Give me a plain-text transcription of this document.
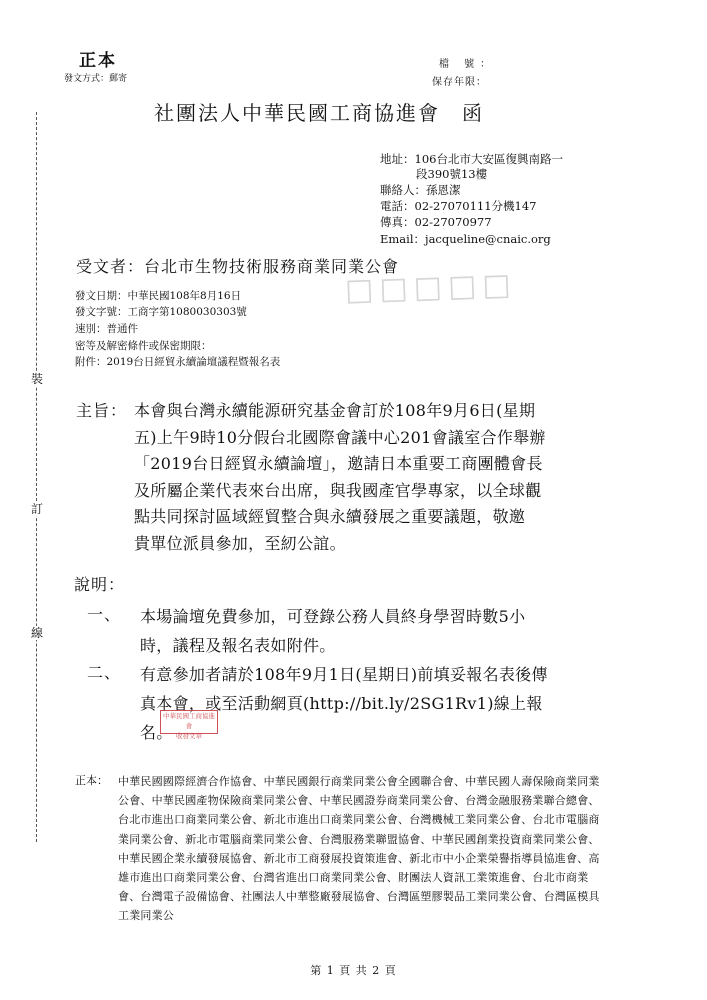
裝
訂
線
□□□□□
正本
發文方式：郵寄
檔 號：
保存年限：
社團法人中華民國工商協進會 函
地址：106台北市大安區復興南路一
段390號13樓
聯絡人：孫恩潔
電話：02-27070111分機147
傳真：02-27070977
Email：jacqueline@cnaic.org
受文者：台北市生物技術服務商業同業公會
發文日期：中華民國108年8月16日
發文字號：工商字第1080030303號
速別：普通件
密等及解密條件或保密期限：
附件：2019台日經貿永續論壇議程暨報名表
主旨： 本會與台灣永續能源研究基金會訂於108年9月6日(星期
五)上午9時10分假台北國際會議中心201會議室合作舉辦
「2019台日經貿永續論壇」，邀請日本重要工商團體會長
及所屬企業代表來台出席，與我國產官學專家，以全球觀
點共同探討區域經貿整合與永續發展之重要議題，敬邀
貴單位派員參加，至紉公誼。
說明：
一、 本場論壇免費參加，可登錄公務人員終身學習時數5小
時，議程及報名表如附件。
二、 有意參加者請於108年9月1日(星期日)前填妥報名表後傳
真本會，或至活動網頁(http://bit.ly/2SG1Rv1)線上報
名。
中華民國工商協進會
收發文章
正本： 中華民國國際經濟合作協會、中華民國銀行商業同業公會全國聯合會、中華民國人壽保險商業同業公會、中華民國產物保險商業同業公會、中華民國證券商業同業公會、台灣金融服務業聯合總會、台北市進出口商業同業公會、新北市進出口商業同業公會、台灣機械工業同業公會、台北市電腦商業同業公會、新北市電腦商業同業公會、台灣服務業聯盟協會、中華民國創業投資商業同業公會、中華民國企業永續發展協會、新北市工商發展投資策進會、新北市中小企業榮譽指導員協進會、高雄市進出口商業同業公會、台灣省進出口商業同業公會、財團法人資訊工業策進會、台北市商業會、台灣電子設備協會、社團法人中華整廠發展協會、台灣區塑膠製品工業同業公會、台灣區模具工業同業公
第 1 頁 共 2 頁
